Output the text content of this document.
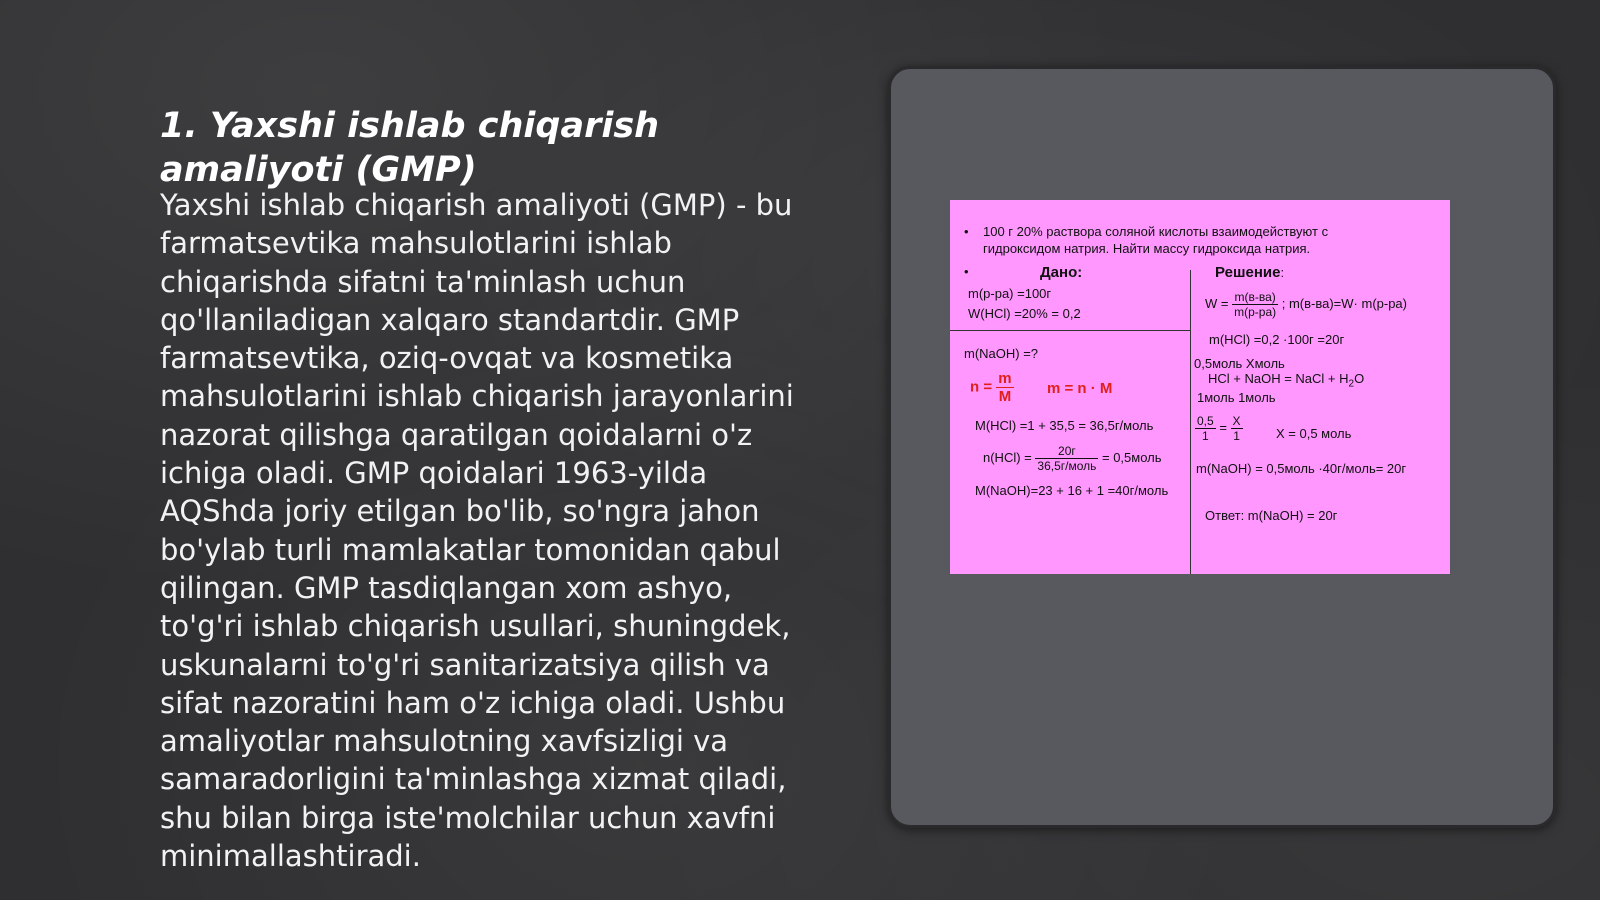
1. Yaxshi ishlab chiqarish amaliyoti (GMP)
Yaxshi ishlab chiqarish amaliyoti (GMP) - bu farmatsevtika mahsulotlarini ishlab chiqarishda sifatni ta'minlash uchun qo'llaniladigan xalqaro standartdir. GMP farmatsevtika, oziq-ovqat va kosmetika mahsulotlarini ishlab chiqarish jarayonlarini nazorat qilishga qaratilgan qoidalarni o'z ichiga oladi. GMP qoidalari 1963-yilda AQShda joriy etilgan bo'lib, so'ngra jahon bo'ylab turli mamlakatlar tomonidan qabul qilingan. GMP tasdiqlangan xom ashyo, to'g'ri ishlab chiqarish usullari, shuningdek, uskunalarni to'g'ri sanitarizatsiya qilish va sifat nazoratini ham o'z ichiga oladi. Ushbu amaliyotlar mahsulotning xavfsizligi va samaradorligini ta'minlashga xizmat qiladi, shu bilan birga iste'molchilar uchun xavfni minimallashtiradi.
• 100 г 20% раствора соляной кислоты взаимодействуют с
гидроксидом натрия. Найти массу гидроксида натрия.
•	Дано:	Решение:
m(р-ра) =100г
W(HCl) =20% = 0,2
m(NaOH) =?
$n = \frac{m}{M}$ m = n · M
M(HCl) =1 + 35,5 = 36,5г/моль
$n(HCl) = \frac{20г}{\text{36,5г/моль}}$ = 0,5моль
M(NaOH)=23 + 16 + 1 =40г/моль
$W = \frac{m(в-ва)}{m(р-ра)}$ ; m(в-ва)=W· m(р-ра)
m(HCl) =0,2 ·100г =20г
0,5моль Хмоль
HCl + NaOH = NaCl + $H_2O$
1моль 1моль
$\frac{0,5}{1} = \frac{X}{1}$	X = 0,5 моль
m(NaOH) = 0,5моль ·40г/моль= 20г
Ответ: m(NaOH) = 20г
